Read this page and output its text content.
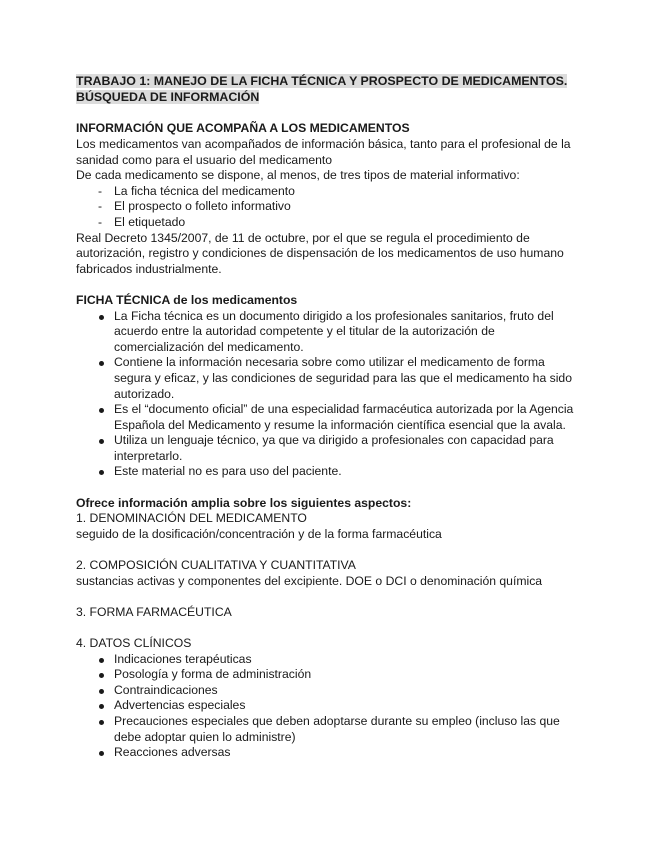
TRABAJO 1: MANEJO DE LA FICHA TÉCNICA Y PROSPECTO DE MEDICAMENTOS.
BÚSQUEDA DE INFORMACIÓN

INFORMACIÓN QUE ACOMPAÑA A LOS MEDICAMENTOS

Los medicamentos van acompañados de información básica, tanto para el profesional de la sanidad como para el usuario del medicamento

De cada medicamento se dispone, al menos, de tres tipos de material informativo:

- La ficha técnica del medicamento
- El prospecto o folleto informativo
- El etiquetado

Real Decreto 1345/2007, de 11 de octubre, por el que se regula el procedimiento de autorización, registro y condiciones de dispensación de los medicamentos de uso humano fabricados industrialmente.

FICHA TÉCNICA de los medicamentos

La Ficha técnica es un documento dirigido a los profesionales sanitarios, fruto del acuerdo entre la autoridad competente y el titular de la autorización de comercialización del medicamento.
Contiene la información necesaria sobre como utilizar el medicamento de forma segura y eficaz, y las condiciones de seguridad para las que el medicamento ha sido autorizado.
Es el “documento oficial” de una especialidad farmacéutica autorizada por la Agencia Española del Medicamento y resume la información científica esencial que la avala.
Utiliza un lenguaje técnico, ya que va dirigido a profesionales con capacidad para interpretarlo.
Este material no es para uso del paciente.

Ofrece información amplia sobre los siguientes aspectos:

1. DENOMINACIÓN DEL MEDICAMENTO

seguido de la dosificación/concentración y de la forma farmacéutica

2. COMPOSICIÓN CUALITATIVA Y CUANTITATIVA

sustancias activas y componentes del excipiente. DOE o DCI o denominación química

3. FORMA FARMACÉUTICA

4. DATOS CLÍNICOS

Indicaciones terapéuticas
Posología y forma de administración
Contraindicaciones
Advertencias especiales
Precauciones especiales que deben adoptarse durante su empleo (incluso las que debe adoptar quien lo administre)
Reacciones adversas
